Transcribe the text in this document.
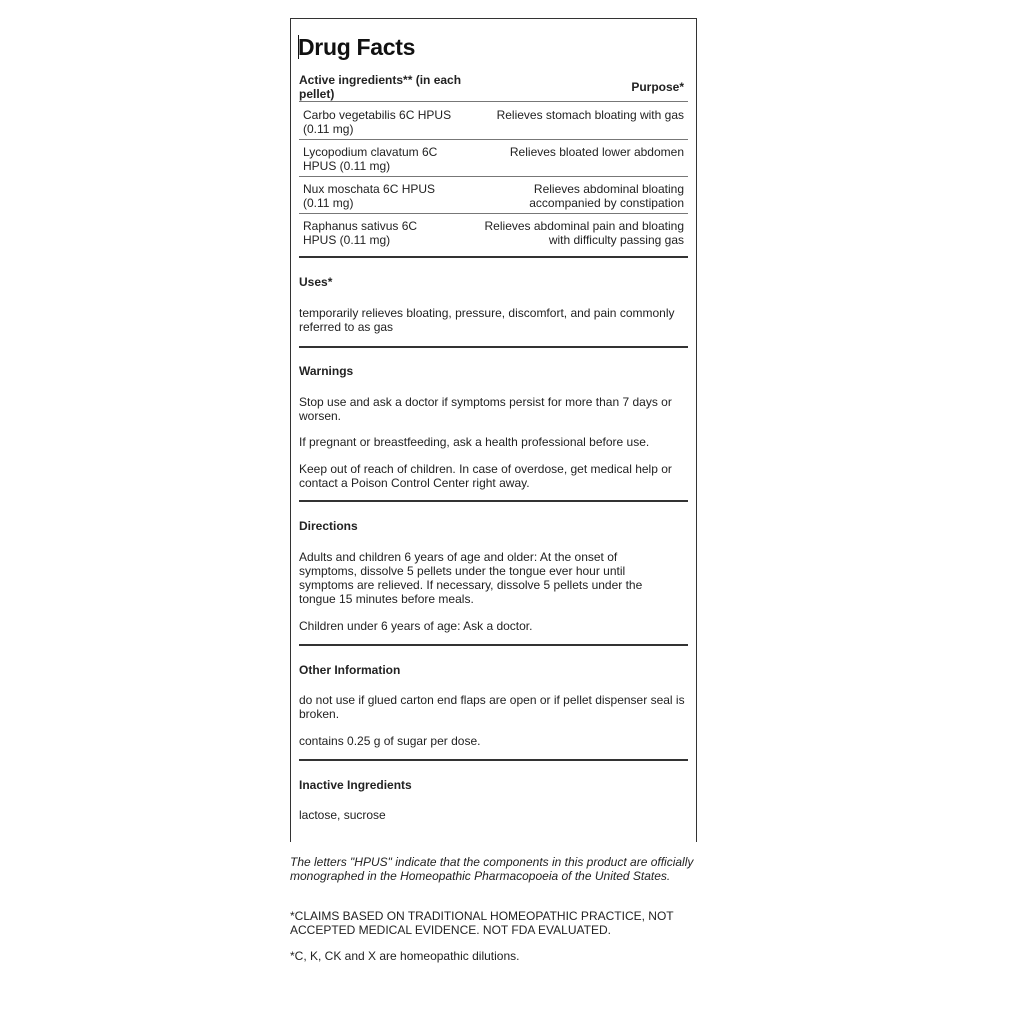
Drug Facts
Active ingredients** (in each pellet)	Purpose*
Carbo vegetabilis 6C HPUS (0.11 mg)
Relieves stomach bloating with gas
Lycopodium clavatum 6C HPUS (0.11 mg)
Relieves bloated lower abdomen
Nux moschata 6C HPUS (0.11 mg)
Relieves abdominal bloating accompanied by constipation
Raphanus sativus 6C HPUS (0.11 mg)
Relieves abdominal pain and bloating with difficulty passing gas
Uses*
temporarily relieves bloating, pressure, discomfort, and pain commonly referred to as gas
Warnings
Stop use and ask a doctor if symptoms persist for more than 7 days or worsen.
If pregnant or breastfeeding, ask a health professional before use.
Keep out of reach of children. In case of overdose, get medical help or contact a Poison Control Center right away.
Directions
Adults and children 6 years of age and older: At the onset of symptoms, dissolve 5 pellets under the tongue ever hour until symptoms are relieved. If necessary, dissolve 5 pellets under the tongue 15 minutes before meals.
Children under 6 years of age: Ask a doctor.
Other Information
do not use if glued carton end flaps are open or if pellet dispenser seal is broken.
contains 0.25 g of sugar per dose.
Inactive Ingredients
lactose, sucrose
The letters "HPUS" indicate that the components in this product are officially monographed in the Homeopathic Pharmacopoeia of the United States.
*CLAIMS BASED ON TRADITIONAL HOMEOPATHIC PRACTICE, NOT ACCEPTED MEDICAL EVIDENCE. NOT FDA EVALUATED.
*C, K, CK and X are homeopathic dilutions.
